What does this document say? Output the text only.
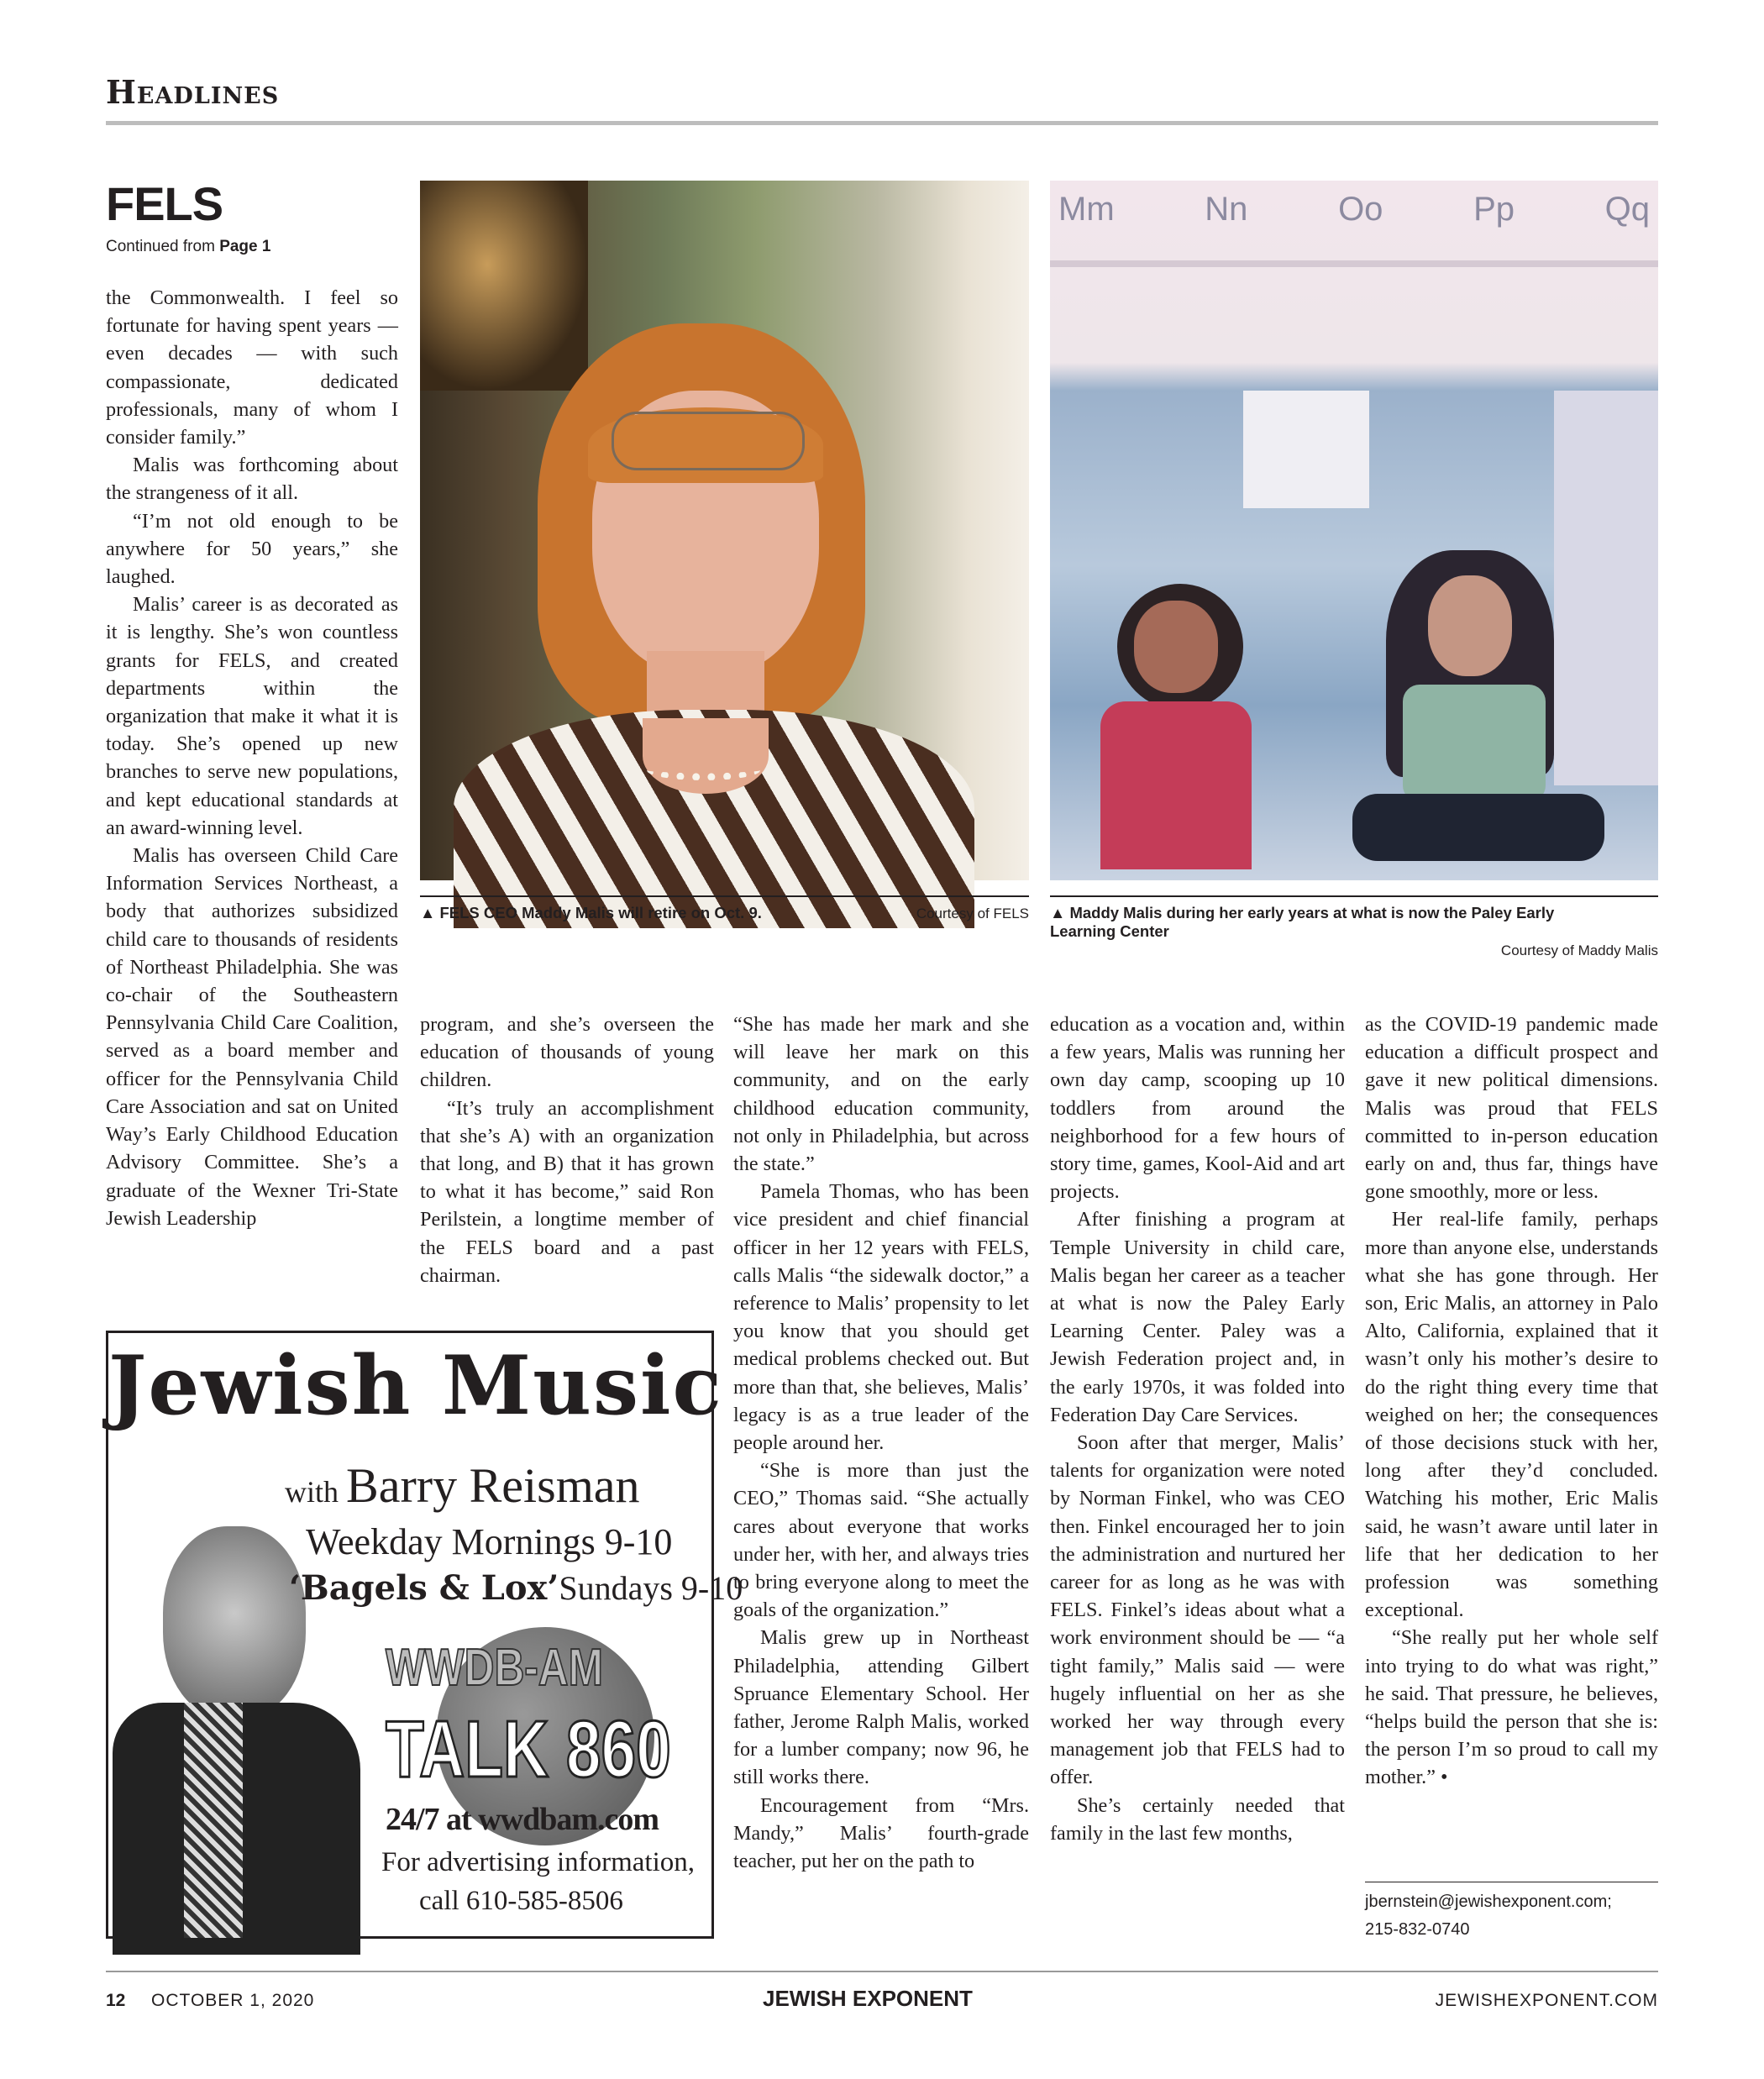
Headlines
FELS
Continued from Page 1

the Commonwealth. I feel so fortunate for having spent years — even decades — with such compassionate, dedicated professionals, many of whom I consider family.”

Malis was forthcoming about the strangeness of it all.

“I’m not old enough to be anywhere for 50 years,” she laughed.

Malis’ career is as decorated as it is lengthy. She’s won countless grants for FELS, and created departments within the organization that make it what it is today. She’s opened up new branches to serve new populations, and kept educational standards at an award-winning level.

Malis has overseen Child Care Information Services Northeast, a body that authorizes subsidized child care to thousands of residents of Northeast Philadelphia. She was co-chair of the Southeastern Pennsylvania Child Care Coalition, served as a board member and officer for the Pennsylvania Child Care Association and sat on United Way’s Early Childhood Education Advisory Committee. She’s a graduate of the Wexner Tri-State Jewish Leadership

program, and she’s overseen the education of thousands of young children.

“It’s truly an accomplishment that she’s A) with an organization that long, and B) that it has grown to what it has become,” said Ron Perilstein, a longtime member of the FELS board and a past chairman.

“She has made her mark and she will leave her mark on this community, and on the early childhood education community, not only in Philadelphia, but across the state.”

Pamela Thomas, who has been vice president and chief financial officer in her 12 years with FELS, calls Malis “the sidewalk doctor,” a reference to Malis’ propensity to let you know that you should get medical problems checked out. But more than that, she believes, Malis’ legacy is as a true leader of the people around her.

“She is more than just the CEO,” Thomas said. “She actually cares about everyone that works under her, with her, and always tries to bring everyone along to meet the goals of the organization.”

Malis grew up in Northeast Philadelphia, attending Gilbert Spruance Elementary School. Her father, Jerome Ralph Malis, worked for a lumber company; now 96, he still works there.

Encouragement from “Mrs. Mandy,” Malis’ fourth-grade teacher, put her on the path to

education as a vocation and, within a few years, Malis was running her own day camp, scooping up 10 toddlers from around the neighborhood for a few hours of story time, games, Kool-Aid and art projects.

After finishing a program at Temple University in child care, Malis began her career as a teacher at what is now the Paley Early Learning Center. Paley was a Jewish Federation project and, in the early 1970s, it was folded into Federation Day Care Services.

Soon after that merger, Malis’ talents for organization were noted by Norman Finkel, who was CEO then. Finkel encouraged her to join the administration and nurtured her career for as long as he was with FELS. Finkel’s ideas about what a work environment should be — “a tight family,” Malis said — were hugely influential on her as she worked her way through every management job that FELS had to offer.

She’s certainly needed that family in the last few months,

as the COVID-19 pandemic made education a difficult prospect and gave it new political dimensions. Malis was proud that FELS committed to in-person education early on and, thus far, things have gone smoothly, more or less.

Her real-life family, perhaps more than anyone else, understands what she has gone through. Her son, Eric Malis, an attorney in Palo Alto, California, explained that it wasn’t only his mother’s desire to do the right thing every time that weighed on her; the consequences of those decisions stuck with her, long after they’d concluded. Watching his mother, Eric Malis said, he wasn’t aware until later in life that her dedication to her profession was something exceptional.

“She really put her whole self into trying to do what was right,” he said. That pressure, he believes, “helps build the person that she is: the person I’m so proud to call my mother.” •

jbernstein@jewishexponent.com;
215-832-0740
▲ FELS CEO Maddy Malis will retire on Oct. 9.	Courtesy of FELS
Mm	Nn	Oo	Pp	Qq
▲ Maddy Malis during her early years at what is now the Paley Early Learning Center
Courtesy of Maddy Malis
Jewish Music
with Barry Reisman
Weekday Mornings 9-10
‘Bagels & Lox’Sundays 9-10
WWDB-AM
TALK 860
24/7 at wwdbam.com
For advertising information,
call 610-585-8506
12 OCTOBER 1, 2020	JEWISH EXPONENT	JEWISHEXPONENT.COM
